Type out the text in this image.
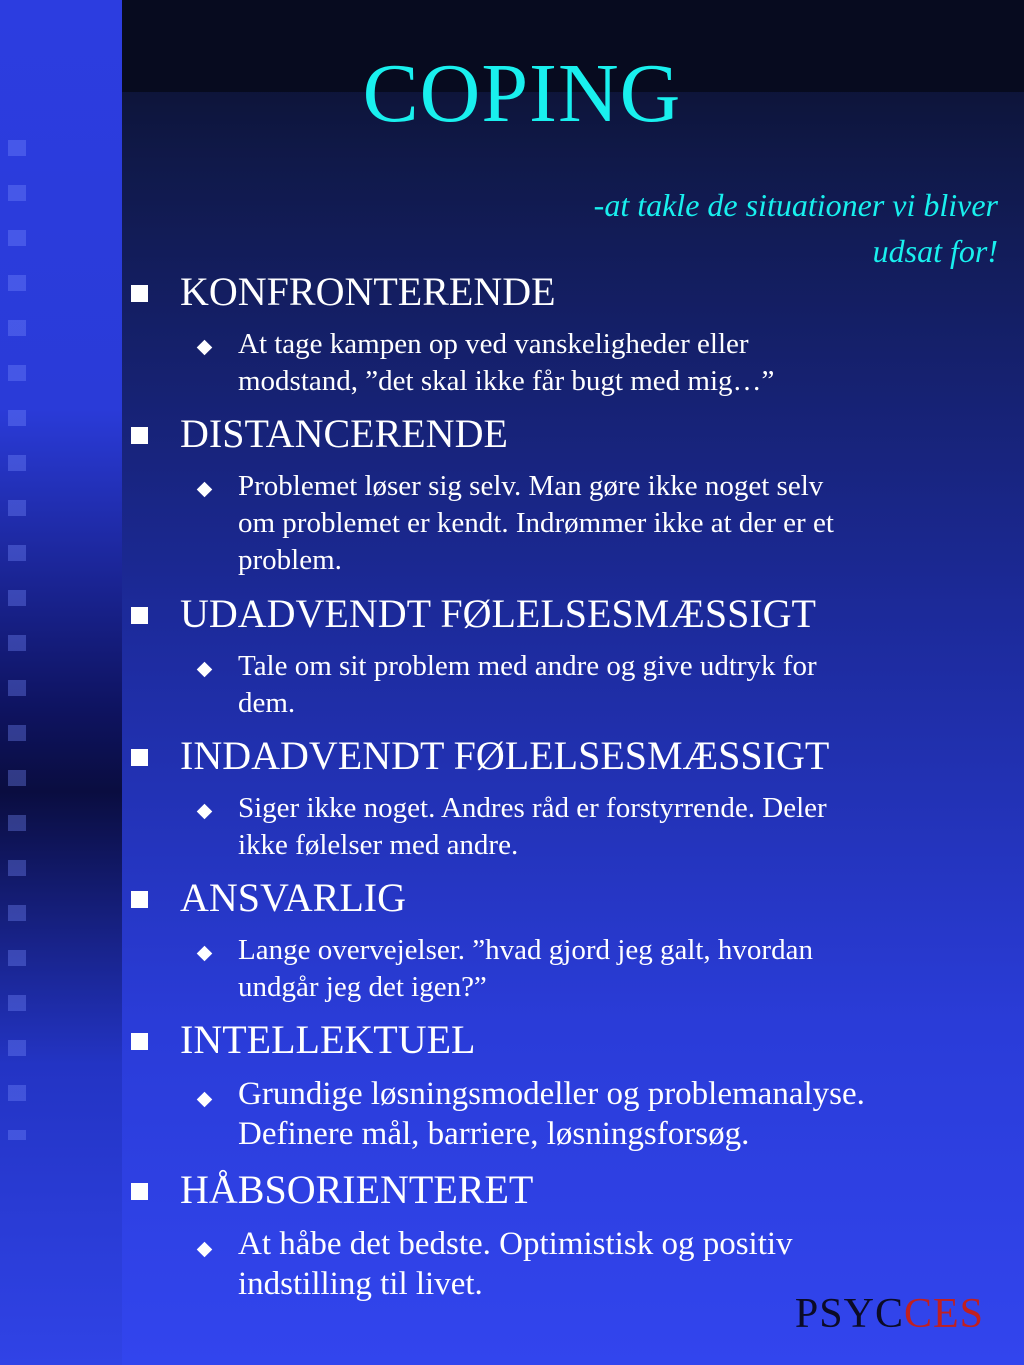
COPING
-at takle de situationer vi bliver
udsat for!
KONFRONTERENDE
At tage kampen op ved vanskeligheder eller
modstand, ”det skal ikke får bugt med mig…”
DISTANCERENDE
Problemet løser sig selv. Man gøre ikke noget selv
om problemet er kendt. Indrømmer ikke at der er et
problem.
UDADVENDT FØLELSESMÆSSIGT
Tale om sit problem med andre og give udtryk for
dem.
INDADVENDT FØLELSESMÆSSIGT
Siger ikke noget. Andres råd er forstyrrende. Deler
ikke følelser med andre.
ANSVARLIG
Lange overvejelser. ”hvad gjord jeg galt, hvordan
undgår jeg det igen?”
INTELLEKTUEL
Grundige løsningsmodeller og problemanalyse.
Definere mål, barriere, løsningsforsøg.
HÅBSORIENTERET
At håbe det bedste. Optimistisk og positiv
indstilling til livet.
PSYCCES
